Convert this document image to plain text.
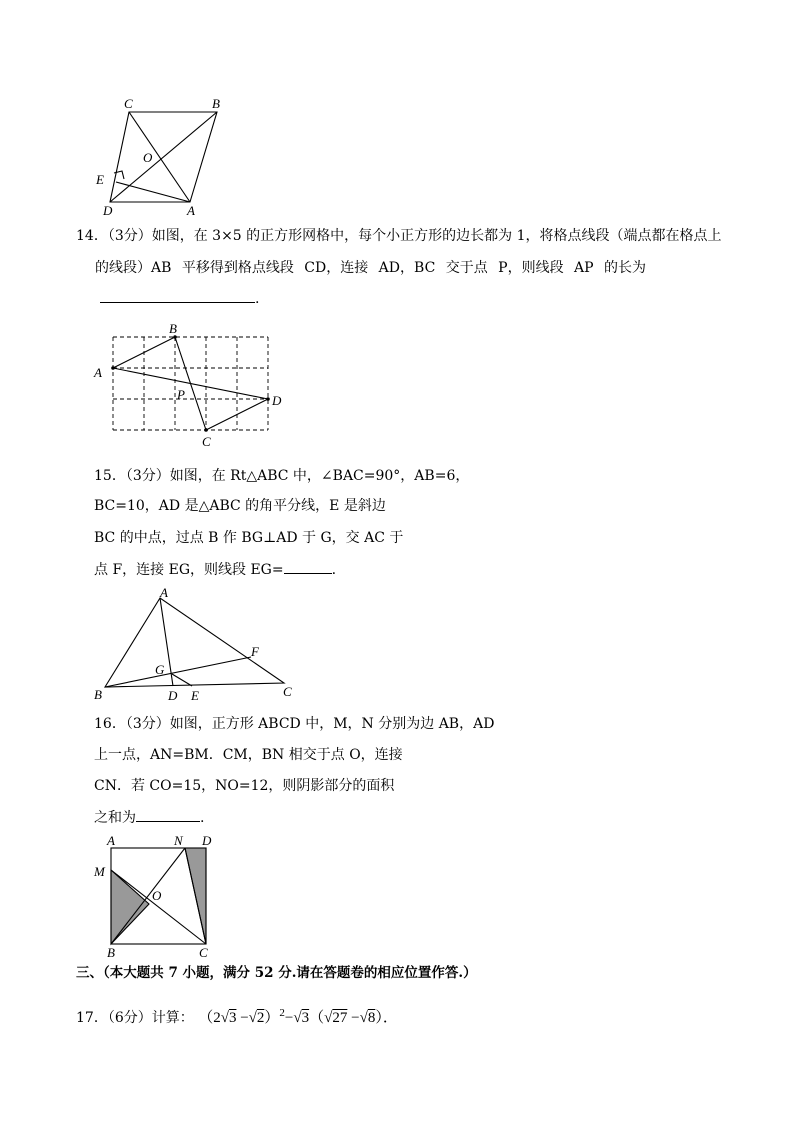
C	B
O
E
D	A
14．（3分）如图，在 3×5 的正方形网格中，每个小正方形的边长都为 1，将格点线段（端点都在格点上
的线段）AB 平移得到格点线段 CD，连接 AD，BC 交于点 P，则线段 AP 的长为
.
A
B
C
D
P
15．（3分）如图，在 Rt△ABC 中，∠BAC=90°，AB=6，
BC=10，AD 是△ABC 的角平分线，E 是斜边
BC 的中点，过点 B 作 BG⊥AD 于 G，交 AC 于
点 F，连接 EG，则线段 EG=	.
A
B	C
D E
F
G
16．（3分）如图，正方形 ABCD 中，M，N 分别为边 AB，AD
上一点，AN=BM．CM，BN 相交于点 O，连接
CN．若 CO=15，NO=12，则阴影部分的面积
之和为	.
A	N D
M
O
B	C
三、（本大题共 7 小题，满分 52 分.请在答题卷的相应位置作答.）
17．（6分）计算： $(2√3 -√2)^2-√3(√27 -√8)$．
